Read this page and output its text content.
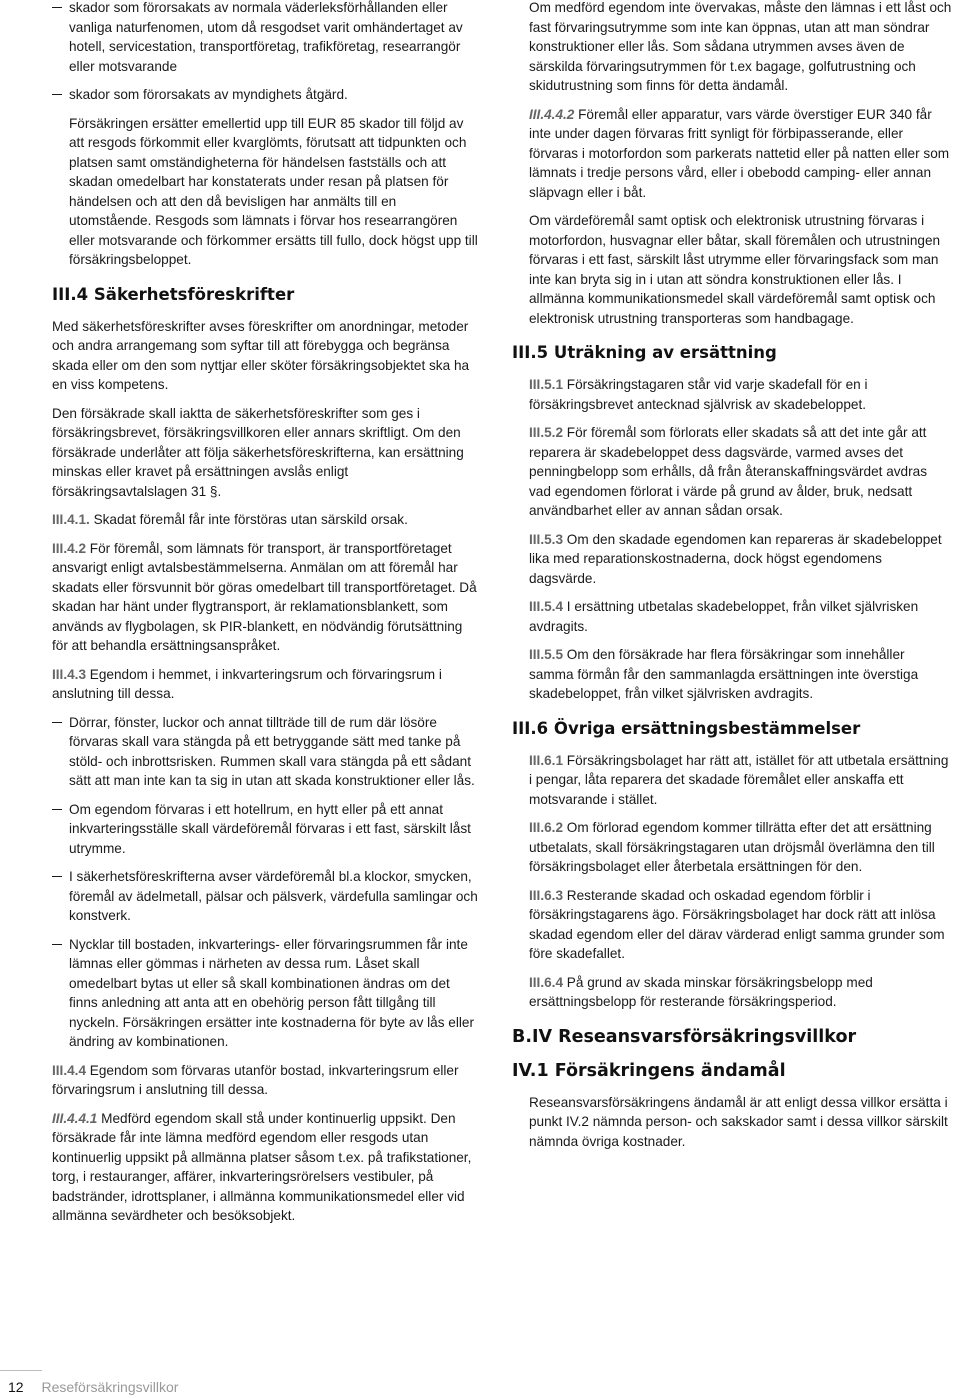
skador som förorsakats av normala väderleksförhållanden eller vanliga naturfenomen, utom då resgodset varit omhändertaget av hotell, servicestation, transportföretag, trafikföretag, researrangör eller motsvarande
skador som förorsakats av myndighets åtgärd.

Försäkringen ersätter emellertid upp till EUR 85 skador till följd av att resgods förkommit eller kvarglömts, förutsatt att tidpunkten och platsen samt omständigheterna för händelsen fastställs och att skadan omedelbart har konstaterats under resan på platsen för händelsen och att den då bevisligen har anmälts till en utomstående. Resgods som lämnats i förvar hos researrangören eller motsvarande och förkommer ersätts till fullo, dock högst upp till försäkringsbeloppet.

III.4 Säkerhetsföreskrifter

Med säkerhetsföreskrifter avses föreskrifter om anordningar, metoder och andra arrangemang som syftar till att förebygga och begränsa skada eller om den som nyttjar eller sköter försäkringsobjektet ska ha en viss kompetens.

Den försäkrade skall iaktta de säkerhetsföreskrifter som ges i försäkringsbrevet, försäkringsvillkoren eller annars skriftligt. Om den försäkrade underlåter att följa säkerhetsföreskrifterna, kan ersättning minskas eller kravet på ersättningen avslås enligt försäkringsavtalslagen 31 §.

III.4.1. Skadat föremål får inte förstöras utan särskild orsak.

III.4.2 För föremål, som lämnats för transport, är transportföretaget ansvarigt enligt avtalsbestämmelserna. Anmälan om att föremål har skadats eller försvunnit bör göras omedelbart till transportföretaget. Då skadan har hänt under flygtransport, är reklamationsblankett, som används av flygbolagen, sk PIR-blankett, en nödvändig förutsättning för att behandla ersättningsanspråket.

III.4.3 Egendom i hemmet, i inkvarteringsrum och förvaringsrum i anslutning till dessa.

Dörrar, fönster, luckor och annat tillträde till de rum där lösöre förvaras skall vara stängda på ett betryggande sätt med tanke på stöld- och inbrottsrisken. Rummen skall vara stängda på ett sådant sätt att man inte kan ta sig in utan att skada konstruktioner eller lås.
Om egendom förvaras i ett hotellrum, en hytt eller på ett annat inkvarteringsställe skall värdeföremål förvaras i ett fast, särskilt låst utrymme.
I säkerhetsföreskrifterna avser värdeföremål bl.a klockor, smycken, föremål av ädelmetall, pälsar och pälsverk, värdefulla samlingar och konstverk.
Nycklar till bostaden, inkvarterings- eller förvaringsrummen får inte lämnas eller gömmas i närheten av dessa rum. Låset skall omedelbart bytas ut eller så skall kombinationen ändras om det finns anledning att anta att en obehörig person fått tillgång till nyckeln. Försäkringen ersätter inte kostnaderna för byte av lås eller ändring av kombinationen.

III.4.4 Egendom som förvaras utanför bostad, inkvarteringsrum eller förvaringsrum i anslutning till dessa.

III.4.4.1 Medförd egendom skall stå under kontinuerlig uppsikt. Den försäkrade får inte lämna medförd egendom eller resgods utan kontinuerlig uppsikt på allmänna platser såsom t.ex. på trafikstationer, torg, i restauranger, affärer, inkvarteringsrörelsers vestibuler, på badstränder, idrottsplaner, i allmänna kommunikationsmedel eller vid allmänna sevärdheter och besöksobjekt.

Om medförd egendom inte övervakas, måste den lämnas i ett låst och fast förvaringsutrymme som inte kan öppnas, utan att man söndrar konstruktioner eller lås. Som sådana utrymmen avses även de särskilda förvaringsutrymmen för t.ex bagage, golfutrustning och skidutrustning som finns för detta ändamål.

III.4.4.2 Föremål eller apparatur, vars värde överstiger EUR 340 får inte under dagen förvaras fritt synligt för förbipasserande, eller förvaras i motorfordon som parkerats nattetid eller på natten eller som lämnats i tredje persons vård, eller i obebodd camping- eller annan släpvagn eller i båt.

Om värdeföremål samt optisk och elektronisk utrustning förvaras i motorfordon, husvagnar eller båtar, skall föremålen och utrustningen förvaras i ett fast, särskilt låst utrymme eller förvaringsfack som man inte kan bryta sig in i utan att söndra konstruktionen eller lås. I allmänna kommunikationsmedel skall värdeföremål samt optisk och elektronisk utrustning transporteras som handbagage.

III.5 Uträkning av ersättning

III.5.1 Försäkringstagaren står vid varje skadefall för en i försäkringsbrevet antecknad självrisk av skadebeloppet.

III.5.2 För föremål som förlorats eller skadats så att det inte går att reparera är skadebeloppet dess dagsvärde, varmed avses det penningbelopp som erhålls, då från återanskaffningsvärdet avdras vad egendomen förlorat i värde på grund av ålder, bruk, nedsatt användbarhet eller av annan sådan orsak.

III.5.3 Om den skadade egendomen kan repareras är skadebeloppet lika med reparationskostnaderna, dock högst egendomens dagsvärde.

III.5.4 I ersättning utbetalas skadebeloppet, från vilket självrisken avdragits.

III.5.5 Om den försäkrade har flera försäkringar som innehåller samma förmån får den sammanlagda ersättningen inte överstiga skadebeloppet, från vilket självrisken avdragits.

III.6 Övriga ersättningsbestämmelser

III.6.1 Försäkringsbolaget har rätt att, istället för att utbetala ersättning i pengar, låta reparera det skadade föremålet eller anskaffa ett motsvarande i stället.

III.6.2 Om förlorad egendom kommer tillrätta efter det att ersättning utbetalats, skall försäkringstagaren utan dröjsmål överlämna den till försäkringsbolaget eller återbetala ersättningen för den.

III.6.3 Resterande skadad och oskadad egendom förblir i försäkringstagarens ägo. Försäkringsbolaget har dock rätt att inlösa skadad egendom eller del därav värderad enligt samma grunder som före skadefallet.

III.6.4 På grund av skada minskar försäkringsbelopp med ersättningsbelopp för resterande försäkringsperiod.

B.IV Reseansvarsförsäkringsvillkor
IV.1 Försäkringens ändamål

Reseansvarsförsäkringens ändamål är att enligt dessa villkor ersätta i punkt IV.2 nämnda person- och sakskador samt i dessa villkor särskilt nämnda övriga kostnader.

12 Reseförsäkringsvillkor
